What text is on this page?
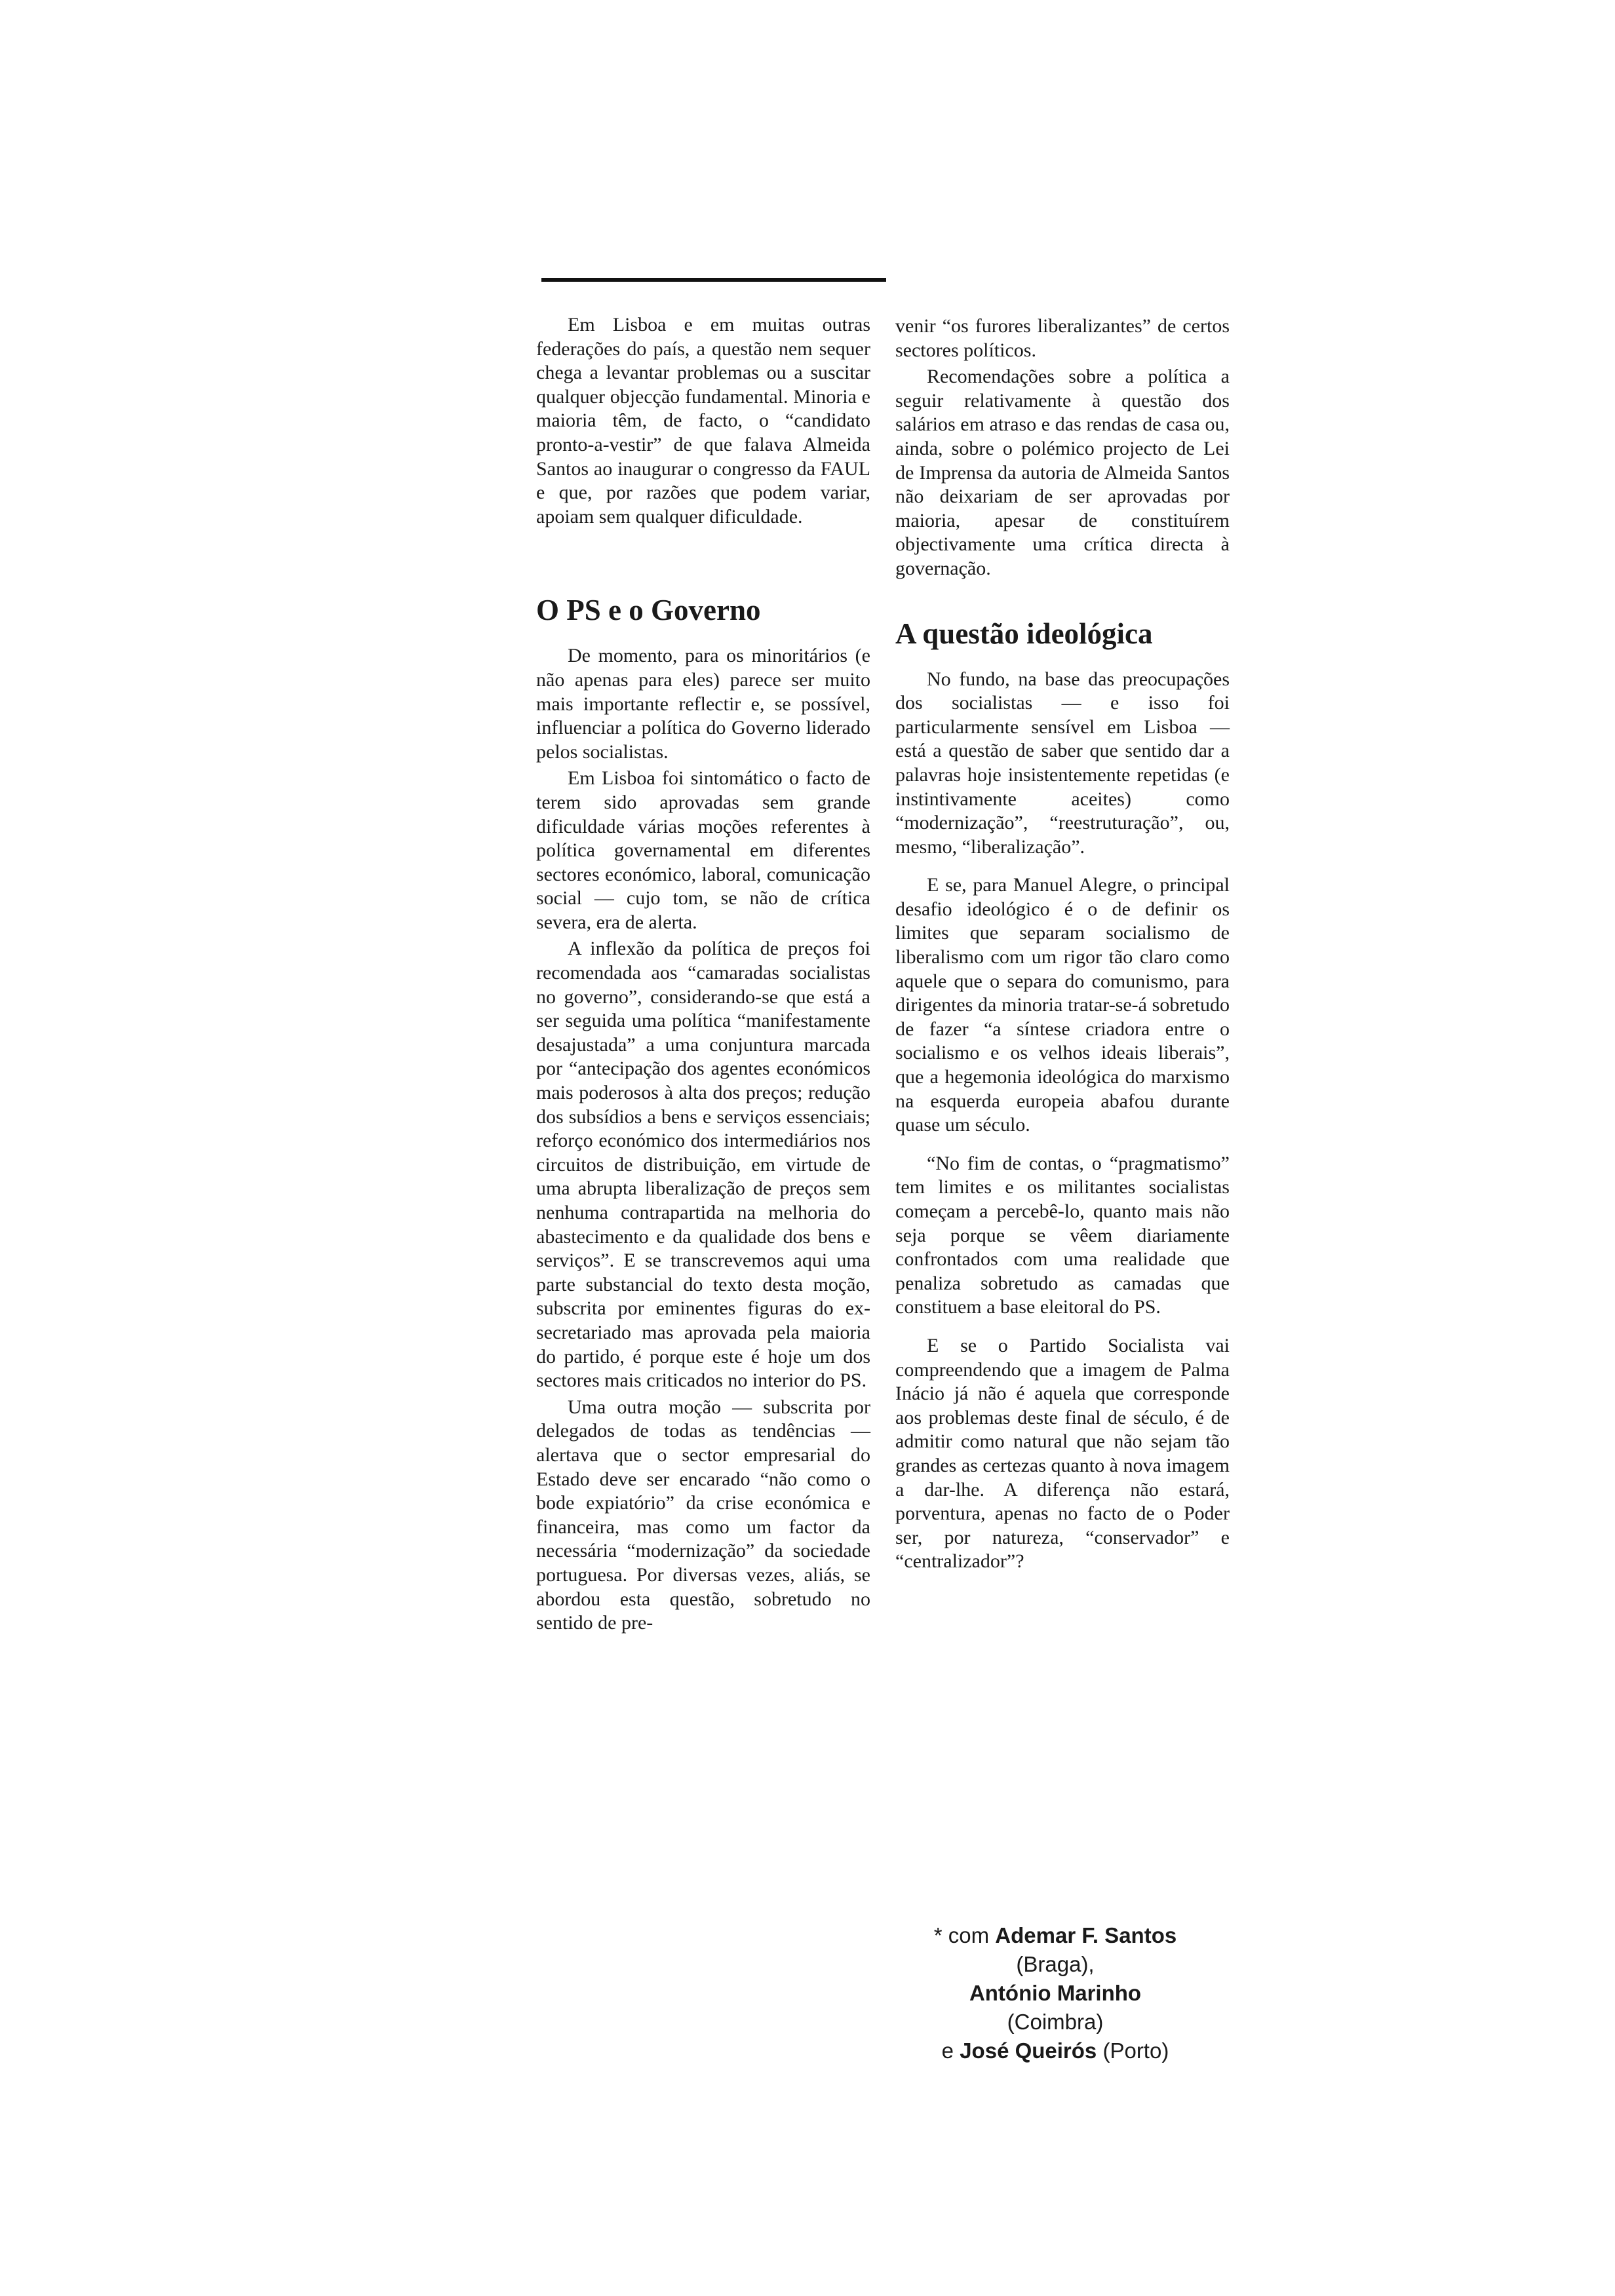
Em Lisboa e em muitas outras federações do país, a questão nem sequer chega a levantar problemas ou a suscitar qualquer objecção fundamental. Minoria e maioria têm, de facto, o “candidato pronto-a-vestir” de que falava Almeida Santos ao inaugurar o congresso da FAUL e que, por razões que podem variar, apoiam sem qualquer dificuldade.

O PS e o Governo

De momento, para os minoritários (e não apenas para eles) parece ser muito mais importante reflectir e, se possível, influenciar a política do Governo liderado pelos socialistas.

Em Lisboa foi sintomático o facto de terem sido aprovadas sem grande dificuldade várias moções referentes à política governamental em diferentes sectores económico, laboral, comunicação social — cujo tom, se não de crítica severa, era de alerta.

A inflexão da política de preços foi recomendada aos “camaradas socialistas no governo”, considerando-se que está a ser seguida uma política “manifestamente desajustada” a uma conjuntura marcada por “antecipação dos agentes económicos mais poderosos à alta dos preços; redução dos subsídios a bens e serviços essenciais; reforço económico dos intermediários nos circuitos de distribuição, em virtude de uma abrupta liberalização de preços sem nenhuma contrapartida na melhoria do abastecimento e da qualidade dos bens e serviços”. E se transcrevemos aqui uma parte substancial do texto desta moção, subscrita por eminentes figuras do ex-secretariado mas aprovada pela maioria do partido, é porque este é hoje um dos sectores mais criticados no interior do PS.

Uma outra moção — subscrita por delegados de todas as tendências — alertava que o sector empresarial do Estado deve ser encarado “não como o bode expiatório” da crise económica e financeira, mas como um factor da necessária “modernização” da sociedade portuguesa. Por diversas vezes, aliás, se abordou esta questão, sobretudo no sentido de pre-

venir “os furores liberalizantes” de certos sectores políticos.

Recomendações sobre a política a seguir relativamente à questão dos salários em atraso e das rendas de casa ou, ainda, sobre o polémico projecto de Lei de Imprensa da autoria de Almeida Santos não deixariam de ser aprovadas por maioria, apesar de constituírem objectivamente uma crítica directa à governação.

A questão ideológica

No fundo, na base das preocupações dos socialistas — e isso foi particularmente sensível em Lisboa — está a questão de saber que sentido dar a palavras hoje insistentemente repetidas (e instintivamente aceites) como “modernização”, “reestruturação”, ou, mesmo, “liberalização”.

E se, para Manuel Alegre, o principal desafio ideológico é o de definir os limites que separam socialismo de liberalismo com um rigor tão claro como aquele que o separa do comunismo, para dirigentes da minoria tratar-se-á sobretudo de fazer “a síntese criadora entre o socialismo e os velhos ideais liberais”, que a hegemonia ideológica do marxismo na esquerda europeia abafou durante quase um século.

“No fim de contas, o “pragmatismo” tem limites e os militantes socialistas começam a percebê-lo, quanto mais não seja porque se vêem diariamente confrontados com uma realidade que penaliza sobretudo as camadas que constituem a base eleitoral do PS.

E se o Partido Socialista vai compreendendo que a imagem de Palma Inácio já não é aquela que corresponde aos problemas deste final de século, é de admitir como natural que não sejam tão grandes as certezas quanto à nova imagem a dar-lhe. A diferença não estará, porventura, apenas no facto de o Poder ser, por natureza, “conservador” e “centralizador”?

* com Ademar F. Santos
(Braga),
António Marinho
(Coimbra)
e José Queirós (Porto)
